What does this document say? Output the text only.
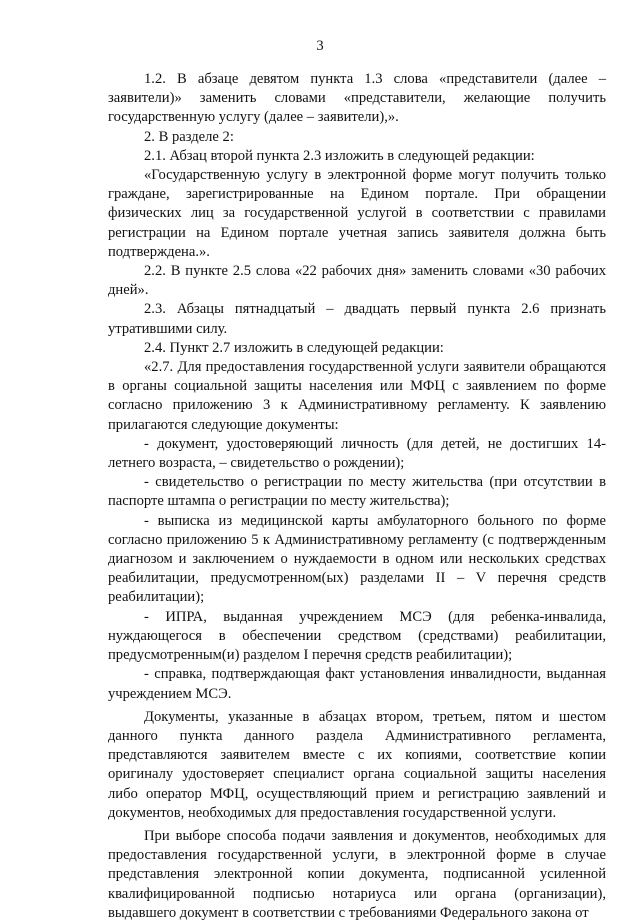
3

1.2. В абзаце девятом пункта 1.3 слова «представители (далее – заявители)» заменить словами «представители, желающие получить государственную услугу (далее – заявители),».

2. В разделе 2:

2.1. Абзац второй пункта 2.3 изложить в следующей редакции:

«Государственную услугу в электронной форме могут получить только граждане, зарегистрированные на Едином портале. При обращении физических лиц за государственной услугой в соответствии с правилами регистрации на Едином портале учетная запись заявителя должна быть подтверждена.».

2.2. В пункте 2.5 слова «22 рабочих дня» заменить словами «30 рабочих дней».

2.3. Абзацы пятнадцатый – двадцать первый пункта 2.6 признать утратившими силу.

2.4. Пункт 2.7 изложить в следующей редакции:

«2.7. Для предоставления государственной услуги заявители обращаются в органы социальной защиты населения или МФЦ с заявлением по форме согласно приложению 3 к Административному регламенту. К заявлению прилагаются следующие документы:

- документ, удостоверяющий личность (для детей, не достигших 14-летнего возраста, – свидетельство о рождении);

- свидетельство о регистрации по месту жительства (при отсутствии в паспорте штампа о регистрации по месту жительства);

- выписка из медицинской карты амбулаторного больного по форме согласно приложению 5 к Административному регламенту (с подтвержденным диагнозом и заключением о нуждаемости в одном или нескольких средствах реабилитации, предусмотренном(ых) разделами II – V перечня средств реабилитации);

- ИПРА, выданная учреждением МСЭ (для ребенка-инвалида, нуждающегося в обеспечении средством (средствами) реабилитации, предусмотренным(и) разделом I перечня средств реабилитации);

- справка, подтверждающая факт установления инвалидности, выданная учреждением МСЭ.

Документы, указанные в абзацах втором, третьем, пятом и шестом данного пункта данного раздела Административного регламента, представляются заявителем вместе с их копиями, соответствие копии оригиналу удостоверяет специалист органа социальной защиты населения либо оператор МФЦ, осуществляющий прием и регистрацию заявлений и документов, необходимых для предоставления государственной услуги.

При выборе способа подачи заявления и документов, необходимых для предоставления государственной услуги, в электронной форме в случае представления электронной копии документа, подписанной усиленной квалифицированной подписью нотариуса или органа (организации), выдавшего документ в соответствии с требованиями Федерального закона от
